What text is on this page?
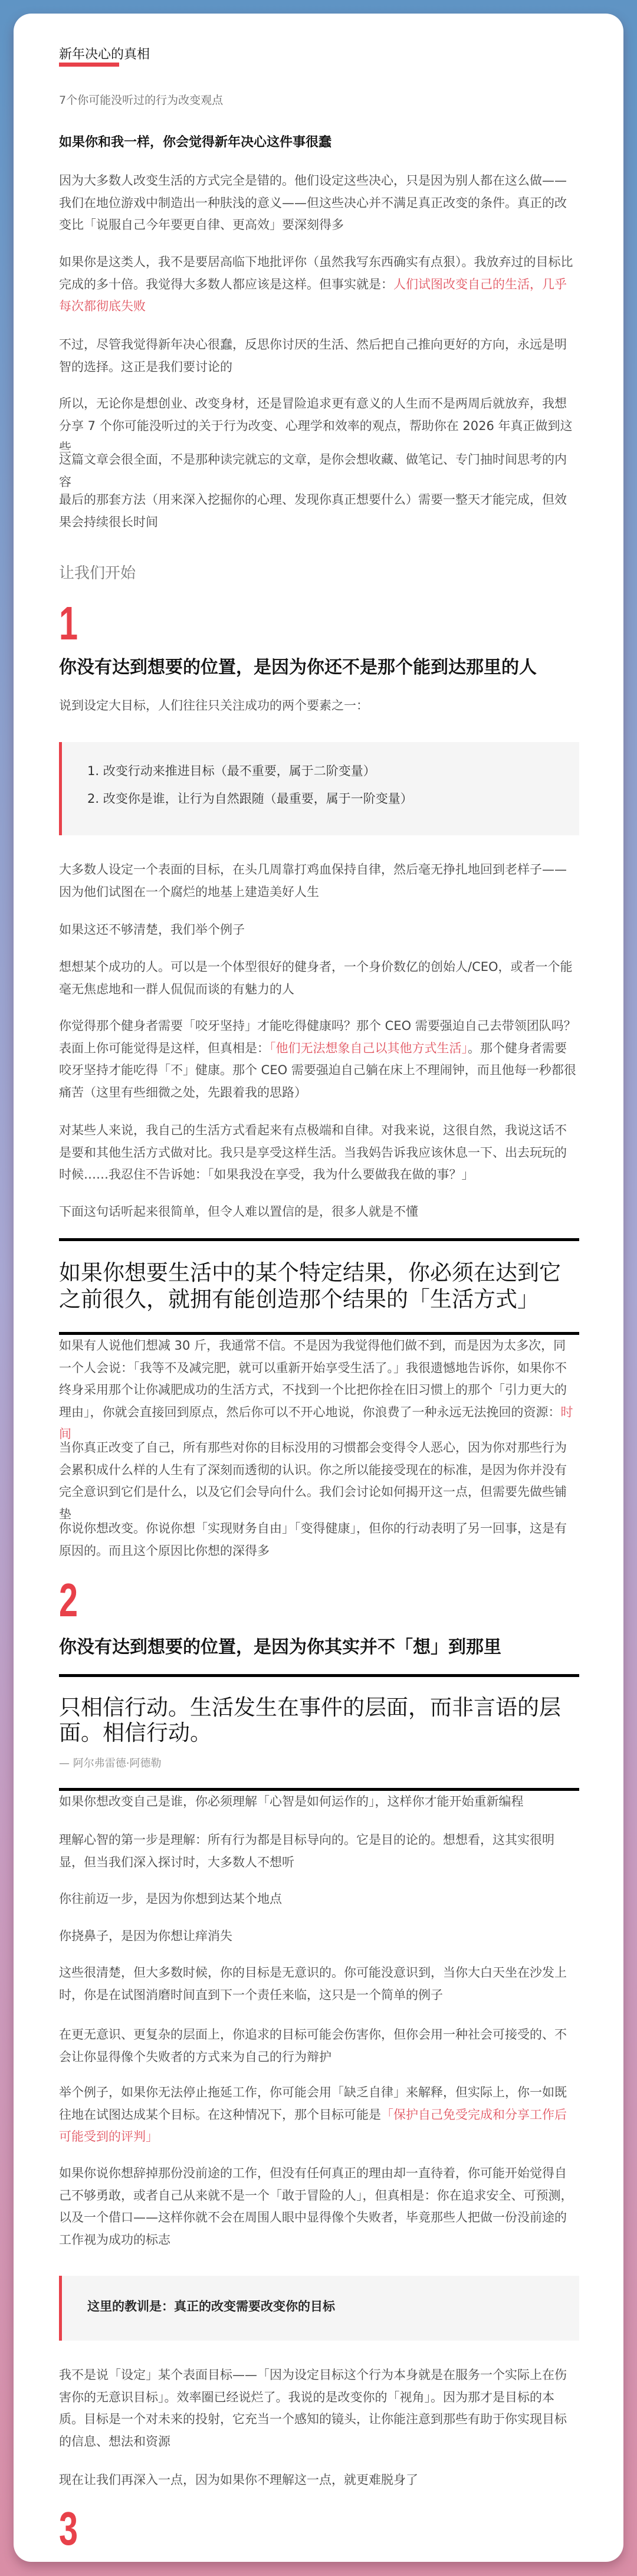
新年决心的真相
7个你可能没听过的行为改变观点
如果你和我一样，你会觉得新年决心这件事很蠢

因为大多数人改变生活的方式完全是错的。他们设定这些决心，只是因为别人都在这么做——我们在地位游戏中制造出一种肤浅的意义——但这些决心并不满足真正改变的条件。真正的改变比「说服自己今年要更自律、更高效」要深刻得多

如果你是这类人，我不是要居高临下地批评你（虽然我写东西确实有点狠）。我放弃过的目标比完成的多十倍。我觉得大多数人都应该是这样。但事实就是：人们试图改变自己的生活，几乎每次都彻底失败

不过，尽管我觉得新年决心很蠢，反思你讨厌的生活、然后把自己推向更好的方向，永远是明智的选择。这正是我们要讨论的

所以，无论你是想创业、改变身材，还是冒险追求更有意义的人生而不是两周后就放弃，我想分享 7 个你可能没听过的关于行为改变、心理学和效率的观点，帮助你在 2026 年真正做到这些

这篇文章会很全面，不是那种读完就忘的文章，是你会想收藏、做笔记、专门抽时间思考的内容

最后的那套方法（用来深入挖掘你的心理、发现你真正想要什么）需要一整天才能完成，但效果会持续很长时间

让我们开始
1
你没有达到想要的位置，是因为你还不是那个能到达那里的人

说到设定大目标，人们往往只关注成功的两个要素之一：

1. 改变行动来推进目标（最不重要，属于二阶变量）
2. 改变你是谁，让行为自然跟随（最重要，属于一阶变量）

大多数人设定一个表面的目标，在头几周靠打鸡血保持自律，然后毫无挣扎地回到老样子——因为他们试图在一个腐烂的地基上建造美好人生

如果这还不够清楚，我们举个例子

想想某个成功的人。可以是一个体型很好的健身者，一个身价数亿的创始人/CEO，或者一个能毫无焦虑地和一群人侃侃而谈的有魅力的人

你觉得那个健身者需要「咬牙坚持」才能吃得健康吗？那个 CEO 需要强迫自己去带领团队吗？表面上你可能觉得是这样，但真相是：「他们无法想象自己以其他方式生活」。那个健身者需要咬牙坚持才能吃得「不」健康。那个 CEO 需要强迫自己躺在床上不理闹钟，而且他每一秒都很痛苦（这里有些细微之处，先跟着我的思路）

对某些人来说，我自己的生活方式看起来有点极端和自律。对我来说，这很自然，我说这话不是要和其他生活方式做对比。我只是享受这样生活。当我妈告诉我应该休息一下、出去玩玩的时候……我忍住不告诉她：「如果我没在享受，我为什么要做我在做的事？」

下面这句话听起来很简单，但令人难以置信的是，很多人就是不懂

如果你想要生活中的某个特定结果，你必须在达到它之前很久，就拥有能创造那个结果的「生活方式」

如果有人说他们想减 30 斤，我通常不信。不是因为我觉得他们做不到，而是因为太多次，同一个人会说：「我等不及减完肥，就可以重新开始享受生活了。」我很遗憾地告诉你，如果你不终身采用那个让你减肥成功的生活方式，不找到一个比把你拴在旧习惯上的那个「引力更大的理由」，你就会直接回到原点，然后你可以不开心地说，你浪费了一种永远无法挽回的资源：时间

当你真正改变了自己，所有那些对你的目标没用的习惯都会变得令人恶心，因为你对那些行为会累积成什么样的人生有了深刻而透彻的认识。你之所以能接受现在的标准，是因为你并没有完全意识到它们是什么，以及它们会导向什么。我们会讨论如何揭开这一点，但需要先做些铺垫

你说你想改变。你说你想「实现财务自由」「变得健康」，但你的行动表明了另一回事，这是有原因的。而且这个原因比你想的深得多

2
你没有达到想要的位置，是因为你其实并不「想」到那里
只相信行动。生活发生在事件的层面，而非言语的层面。相信行动。
— 阿尔弗雷德·阿德勒

如果你想改变自己是谁，你必须理解「心智是如何运作的」，这样你才能开始重新编程

理解心智的第一步是理解：所有行为都是目标导向的。它是目的论的。想想看，这其实很明显，但当我们深入探讨时，大多数人不想听

你往前迈一步，是因为你想到达某个地点

你挠鼻子，是因为你想让痒消失

这些很清楚，但大多数时候，你的目标是无意识的。你可能没意识到，当你大白天坐在沙发上时，你是在试图消磨时间直到下一个责任来临，这只是一个简单的例子

在更无意识、更复杂的层面上，你追求的目标可能会伤害你，但你会用一种社会可接受的、不会让你显得像个失败者的方式来为自己的行为辩护

举个例子，如果你无法停止拖延工作，你可能会用「缺乏自律」来解释，但实际上，你一如既往地在试图达成某个目标。在这种情况下，那个目标可能是「保护自己免受完成和分享工作后可能受到的评判」

如果你说你想辞掉那份没前途的工作，但没有任何真正的理由却一直待着，你可能开始觉得自己不够勇敢，或者自己从来就不是一个「敢于冒险的人」，但真相是：你在追求安全、可预测，以及一个借口——这样你就不会在周围人眼中显得像个失败者，毕竟那些人把做一份没前途的工作视为成功的标志

这里的教训是：真正的改变需要改变你的目标

我不是说「设定」某个表面目标——「因为设定目标这个行为本身就是在服务一个实际上在伤害你的无意识目标」。效率圈已经说烂了。我说的是改变你的「视角」。因为那才是目标的本质。目标是一个对未来的投射，它充当一个感知的镜头，让你能注意到那些有助于你实现目标的信息、想法和资源

现在让我们再深入一点，因为如果你不理解这一点，就更难脱身了

3
